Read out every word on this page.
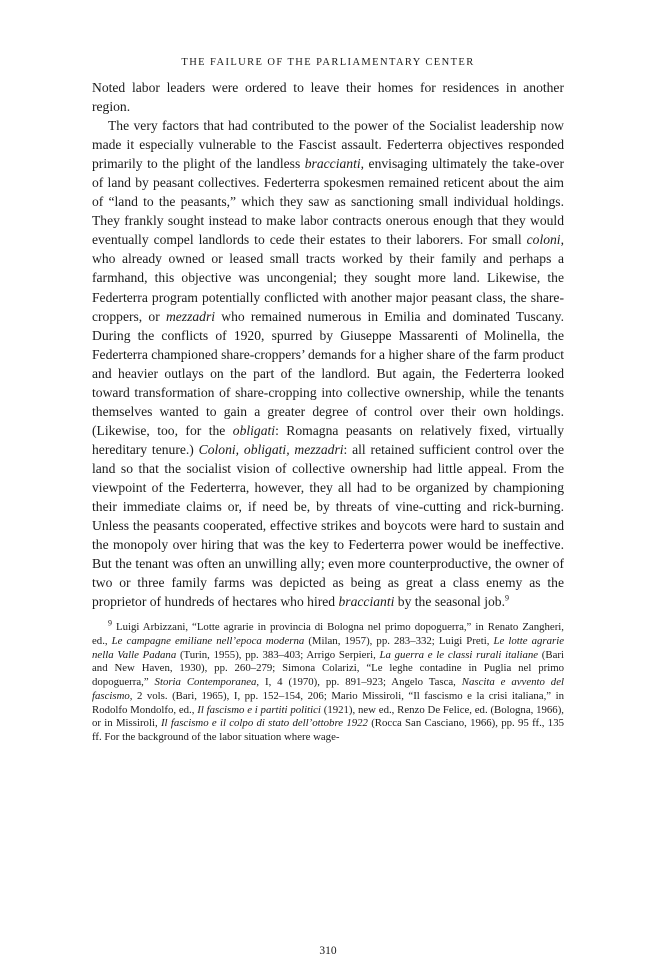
THE FAILURE OF THE PARLIAMENTARY CENTER

Noted labor leaders were ordered to leave their homes for residences in another region.

The very factors that had contributed to the power of the Socialist leadership now made it especially vulnerable to the Fascist assault. Federterra objectives responded primarily to the plight of the landless braccianti, envisaging ultimately the take-over of land by peasant collectives. Federterra spokesmen remained reticent about the aim of “land to the peasants,” which they saw as sanctioning small individual holdings. They frankly sought instead to make labor contracts onerous enough that they would eventually compel landlords to cede their estates to their laborers. For small coloni, who already owned or leased small tracts worked by their family and perhaps a farmhand, this objective was uncongenial; they sought more land. Likewise, the Federterra program potentially conflicted with another major peasant class, the share-croppers, or mezzadri who remained numerous in Emilia and dominated Tuscany. During the conflicts of 1920, spurred by Giuseppe Massarenti of Molinella, the Federterra championed share-croppers’ demands for a higher share of the farm product and heavier outlays on the part of the landlord. But again, the Federterra looked toward transformation of share-cropping into collective ownership, while the tenants themselves wanted to gain a greater degree of control over their own holdings. (Likewise, too, for the obligati: Romagna peasants on relatively fixed, virtually hereditary tenure.) Coloni, obligati, mezzadri: all retained sufficient control over the land so that the socialist vision of collective ownership had little appeal. From the viewpoint of the Federterra, however, they all had to be organized by championing their immediate claims or, if need be, by threats of vine-cutting and rick-burning. Unless the peasants cooperated, effective strikes and boycots were hard to sustain and the monopoly over hiring that was the key to Federterra power would be ineffective. But the tenant was often an unwilling ally; even more counterproductive, the owner of two or three family farms was depicted as being as great a class enemy as the proprietor of hundreds of hectares who hired braccianti by the seasonal job.$^9$

$^9$ Luigi Arbizzani, “Lotte agrarie in provincia di Bologna nel primo dopoguerra,” in Renato Zangheri, ed., Le campagne emiliane nell’epoca moderna (Milan, 1957), pp. 283–332; Luigi Preti, Le lotte agrarie nella Valle Padana (Turin, 1955), pp. 383–403; Arrigo Serpieri, La guerra e le classi rurali italiane (Bari and New Haven, 1930), pp. 260–279; Simona Colarizi, “Le leghe contadine in Puglia nel primo dopoguerra,” Storia Contemporanea, I, 4 (1970), pp. 891–923; Angelo Tasca, Nascita e avvento del fascismo, 2 vols. (Bari, 1965), I, pp. 152–154, 206; Mario Missiroli, “Il fascismo e la crisi italiana,” in Rodolfo Mondolfo, ed., Il fascismo e i partiti politici (1921), new ed., Renzo De Felice, ed. (Bologna, 1966), or in Missiroli, Il fascismo e il colpo di stato dell’ottobre 1922 (Rocca San Casciano, 1966), pp. 95 ff., 135 ff. For the background of the labor situation where wage-

310
